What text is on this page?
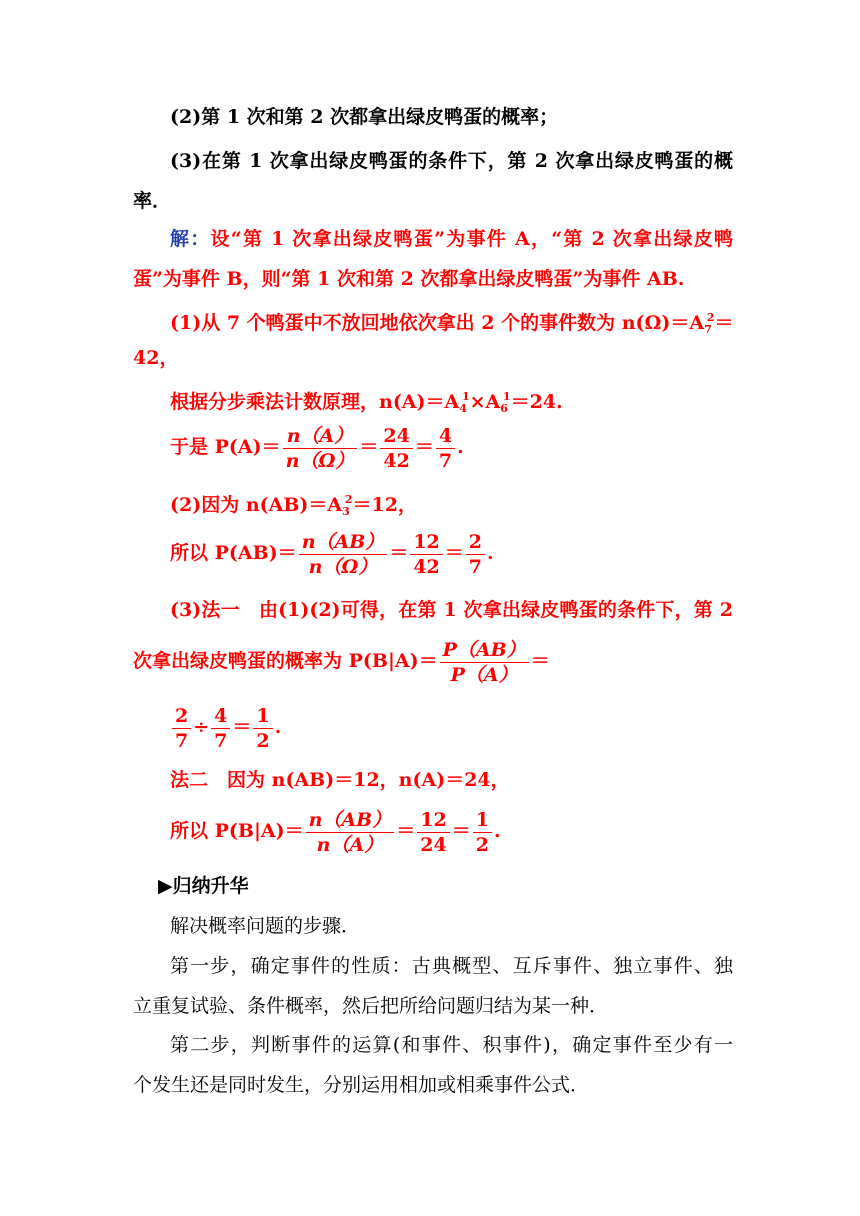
(2)第 1 次和第 2 次都拿出绿皮鸭蛋的概率；
(3)在第 1 次拿出绿皮鸭蛋的条件下，第 2 次拿出绿皮鸭蛋的概
率．
解：设“第 1 次拿出绿皮鸭蛋”为事件 A，“第 2 次拿出绿皮鸭
蛋”为事件 B，则“第 1 次和第 2 次都拿出绿皮鸭蛋”为事件 AB.
(1)从 7 个鸭蛋中不放回地依次拿出 2 个的事件数为 $n(\Omega)=A_7^2=$
42，
根据分步乘法计数原理，$n(A)=A_4^1\times A_6^1=24$.
于是 $P(A)= \frac{n(A)}{n(\Omega)} = \frac{24}{42} = \frac{4}{7}$ .
(2)因为 $n(AB)=A_3^2=12$，
所以 $P(AB)= \frac{n(AB)}{n(\Omega)} = \frac{12}{42} = \frac{2}{7}$ .
(3)法一　由(1)(2)可得，在第 1 次拿出绿皮鸭蛋的条件下，第 2
次拿出绿皮鸭蛋的概率为 $P(B|A)= \frac{P(AB)}{P(A)}$ ＝
$\frac{2}{7} \div \frac{4}{7} = \frac{1}{2}$ .
法二　因为 n(AB)＝12，n(A)＝24，
所以 $P(B|A)= \frac{n(AB)}{n(A)} = \frac{12}{24} = \frac{1}{2}$ .
▶归纳升华
解决概率问题的步骤．
第一步，确定事件的性质：古典概型、互斥事件、独立事件、独
立重复试验、条件概率，然后把所给问题归结为某一种．
第二步，判断事件的运算(和事件、积事件)，确定事件至少有一
个发生还是同时发生，分别运用相加或相乘事件公式．
